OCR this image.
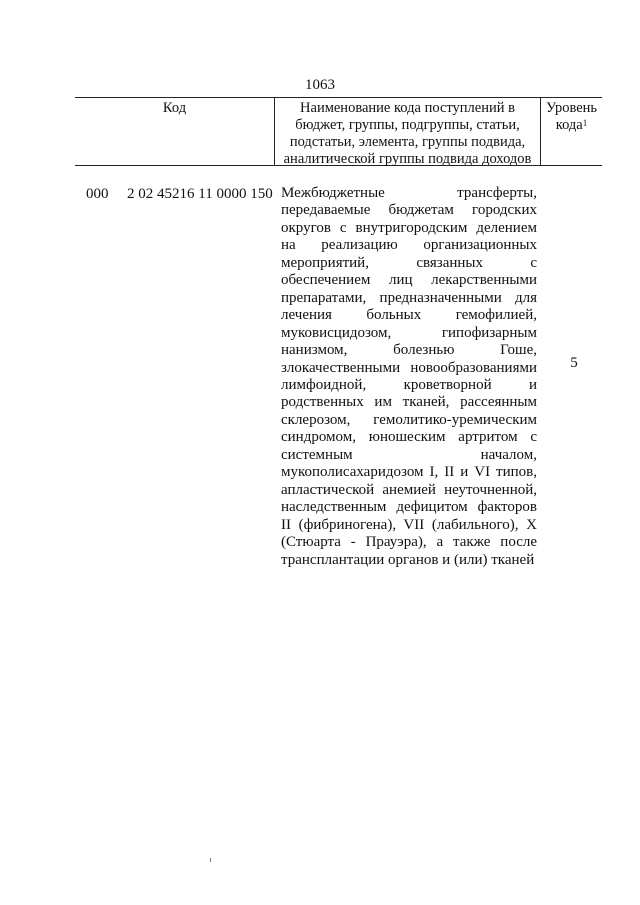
1063
Код	Наименование кода поступлений в бюджет, группы, подгруппы, статьи, подстатьи, элемента, группы подвида, аналитической группы подвида доходов
Уровень кода$^1$
000 2 02 45216 11 0000 150 Межбюджетные трансферты, передаваемые бюджетам городских округов с внутригородским делением на реализацию организационных мероприятий, связанных с обеспечением лиц лекарственными препаратами, предназначенными для лечения больных гемофилией, муковисцидозом, гипофизарным нанизмом, болезнью Гоше, злокачественными новообразованиями лимфоидной, кроветворной и родственных им тканей, рассеянным склерозом, гемолитико-уремическим синдромом, юношеским артритом с системным началом, мукополисахаридозом I, II и VI типов, апластической анемией неуточненной, наследственным дефицитом факторов II (фибриногена), VII (лабильного), X (Стюарта - Прауэра), а также после трансплантации органов и (или) тканей
5
